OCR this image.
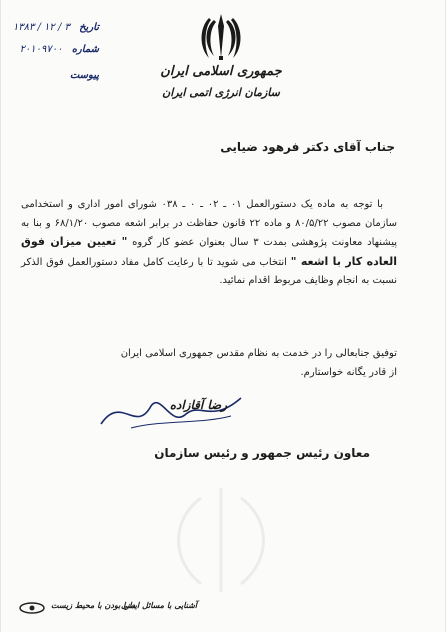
جمهوری اسلامی ایران
سازمان انرژی اتمی ایران
تاریخ ۳ / ۱۲ / ۱۳۸۳
شماره ۲۰۱۰۹۷۰۰
پیوست
جناب آقای دکتر فرهود ضیایی

با توجه به ماده یک دستورالعمل ۰۱ ـ ۰۲ ـ ۰ ـ ۰۳۸ شورای امور اداری و استخدامی سازمان مصوب ۸۰/۵/۲۲ و ماده ۲۲ قانون حفاظت در برابر اشعه مصوب ۶۸/۱/۲۰ و بنا به پیشنهاد معاونت پژوهشی بمدت ۳ سال بعنوان عضو کار گروه " تعیین میزان فوق العاده کار با اشعه " انتخاب می شوید تا با رعایت کامل مفاد دستورالعمل فوق الذکر نسبت به انجام وظایف مربوط اقدام نمائید.

توفیق جنابعالی را در خدمت به نظام مقدس جمهوری اسلامی ایران

از قادر یگانه خواستارم.

رضا آقازاده
معاون رئیس جمهور و رئیس سازمان
دارا بودن با محیط زیست
آشنایی با مسائل ایمنی
